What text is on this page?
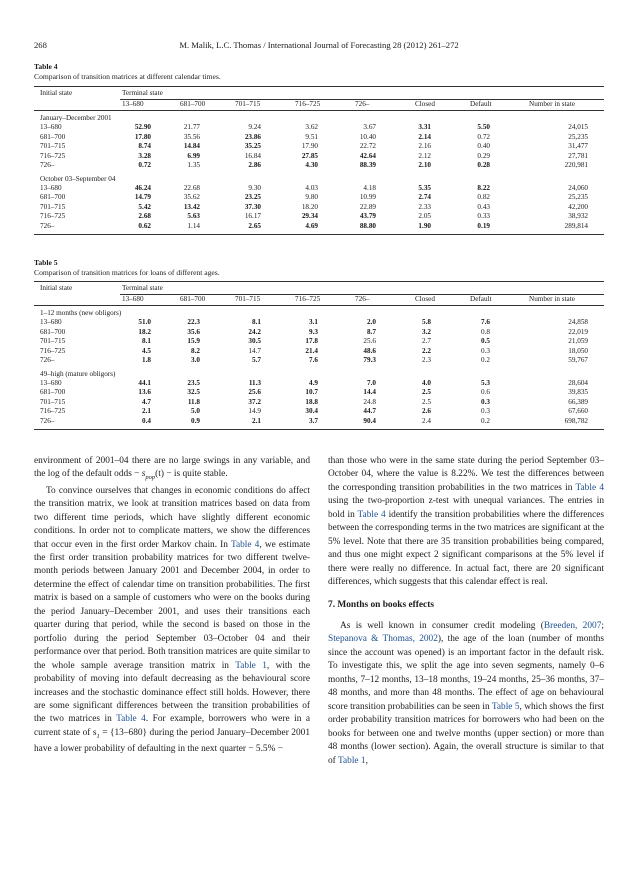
268	M. Malik, L.C. Thomas / International Journal of Forecasting 28 (2012) 261–272
Table 4
Comparison of transition matrices at different calendar times.
Initial state	Terminal state
13–680	681–700	701–715	716–725	726–	Closed	Default	Number in state
January–December 2001
13–680	52.90	21.77	9.24	3.62	3.67	3.31	5.50	24,015
681–700	17.80	35.56	23.86	9.51	10.40	2.14	0.72	25,235
701–715	8.74	14.84	35.25	17.90	22.72	2.16	0.40	31,477
716–725	3.28	6.99	16.84	27.85	42.64	2.12	0.29	27,781
726–	0.72	1.35	2.86	4.30	88.39	2.10	0.28	220,981
October 03–September 04
13–680	46.24	22.68	9.30	4.03	4.18	5.35	8.22	24,060
681–700	14.79	35.62	23.25	9.80	10.99	2.74	0.82	25,235
701–715	5.42	13.42	37.30	18.20	22.89	2.33	0.43	42,200
716–725	2.68	5.63	16.17	29.34	43.79	2.05	0.33	38,932
726–	0.62	1.14	2.65	4.69	88.80	1.90	0.19	289,814
Table 5
Comparison of transition matrices for loans of different ages.
Initial state	Terminal state
13–680	681–700	701–715	716–725	726–	Closed	Default	Number in state
1–12 months (new obligors)
13–680	51.0	22.3	8.1	3.1	2.0	5.8	7.6	24,858
681–700	18.2	35.6	24.2	9.3	8.7	3.2	0.8	22,019
701–715	8.1	15.9	30.5	17.8	25.6	2.7	0.5	21,059
716–725	4.5	8.2	14.7	21.4	48.6	2.2	0.3	18,050
726–	1.8	3.0	5.7	7.6	79.3	2.3	0.2	59,767
49–high (mature obligors)
13–680	44.1	23.5	11.3	4.9	7.0	4.0	5.3	28,604
681–700	13.6	32.5	25.6	10.7	14.4	2.5	0.6	39,835
701–715	4.7	11.8	37.2	18.8	24.8	2.5	0.3	66,389
716–725	2.1	5.0	14.9	30.4	44.7	2.6	0.3	67,660
726–	0.4	0.9	2.1	3.7	90.4	2.4	0.2	698,782

environment of 2001–04 there are no large swings in any variable, and the log of the default odds − $s_{pop}(t)$ − is quite stable.

To convince ourselves that changes in economic conditions do affect the transition matrix, we look at transition matrices based on data from two different time periods, which have slightly different economic conditions. In order not to complicate matters, we show the differences that occur even in the first order Markov chain. In Table 4, we estimate the first order transition probability matrices for two different twelve-month periods between January 2001 and December 2004, in order to determine the effect of calendar time on transition probabilities. The first matrix is based on a sample of customers who were on the books during the period January–December 2001, and uses their transitions each quarter during that period, while the second is based on those in the portfolio during the period September 03–October 04 and their performance over that period. Both transition matrices are quite similar to the whole sample average transition matrix in Table 1, with the probability of moving into default decreasing as the behavioural score increases and the stochastic dominance effect still holds. However, there are some significant differences between the transition probabilities of the two matrices in Table 4. For example, borrowers who were in a current state of $s_1 = \{13-680\}$ during the period January–December 2001 have a lower probability of defaulting in the next quarter − 5.5% −

than those who were in the same state during the period September 03–October 04, where the value is 8.22%. We test the differences between the corresponding transition probabilities in the two matrices in Table 4 using the two-proportion z-test with unequal variances. The entries in bold in Table 4 identify the transition probabilities where the differences between the corresponding terms in the two matrices are significant at the 5% level. Note that there are 35 transition probabilities being compared, and thus one might expect 2 significant comparisons at the 5% level if there were really no difference. In actual fact, there are 20 significant differences, which suggests that this calendar effect is real.

7. Months on books effects

As is well known in consumer credit modeling (Breeden, 2007; Stepanova & Thomas, 2002), the age of the loan (number of months since the account was opened) is an important factor in the default risk. To investigate this, we split the age into seven segments, namely 0–6 months, 7–12 months, 13–18 months, 19–24 months, 25–36 months, 37–48 months, and more than 48 months. The effect of age on behavioural score transition probabilities can be seen in Table 5, which shows the first order probability transition matrices for borrowers who had been on the books for between one and twelve months (upper section) or more than 48 months (lower section). Again, the overall structure is similar to that of Table 1,
